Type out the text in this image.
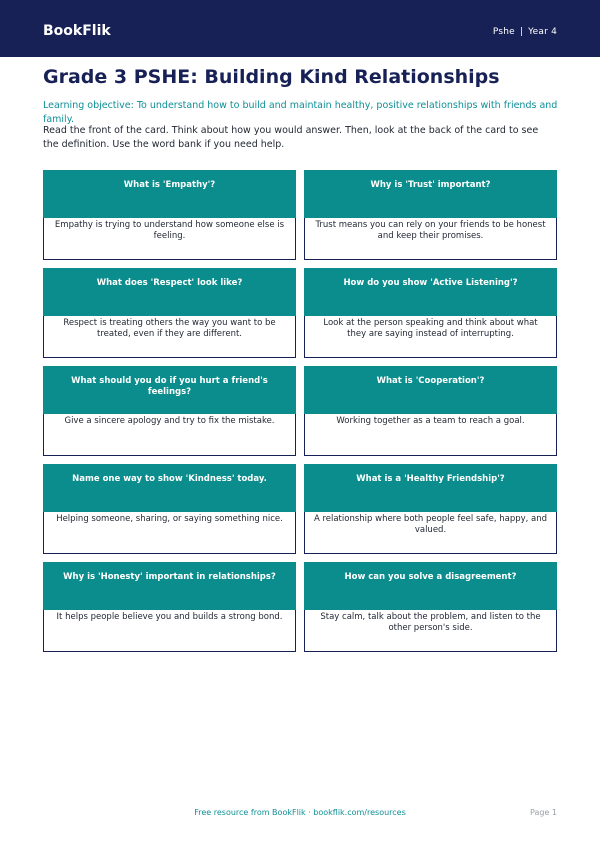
BookFlik	Pshe | Year 4
Grade 3 PSHE: Building Kind Relationships
Learning objective: To understand how to build and maintain healthy, positive relationships with friends and family.
Read the front of the card. Think about how you would answer. Then, look at the back of the card to see the definition. Use the word bank if you need help.
What is 'Empathy'?
Empathy is trying to understand how someone else is feeling.
Why is 'Trust' important?
Trust means you can rely on your friends to be honest and keep their promises.
What does 'Respect' look like?
Respect is treating others the way you want to be treated, even if they are different.
How do you show 'Active Listening'?
Look at the person speaking and think about what they are saying instead of interrupting.
What should you do if you hurt a friend's feelings?
Give a sincere apology and try to fix the mistake.
What is 'Cooperation'?
Working together as a team to reach a goal.
Name one way to show 'Kindness' today.
Helping someone, sharing, or saying something nice.
What is a 'Healthy Friendship'?
A relationship where both people feel safe, happy, and valued.
Why is 'Honesty' important in relationships?
It helps people believe you and builds a strong bond.
How can you solve a disagreement?
Stay calm, talk about the problem, and listen to the other person's side.
Free resource from BookFlik · bookflik.com/resources	Page 1
